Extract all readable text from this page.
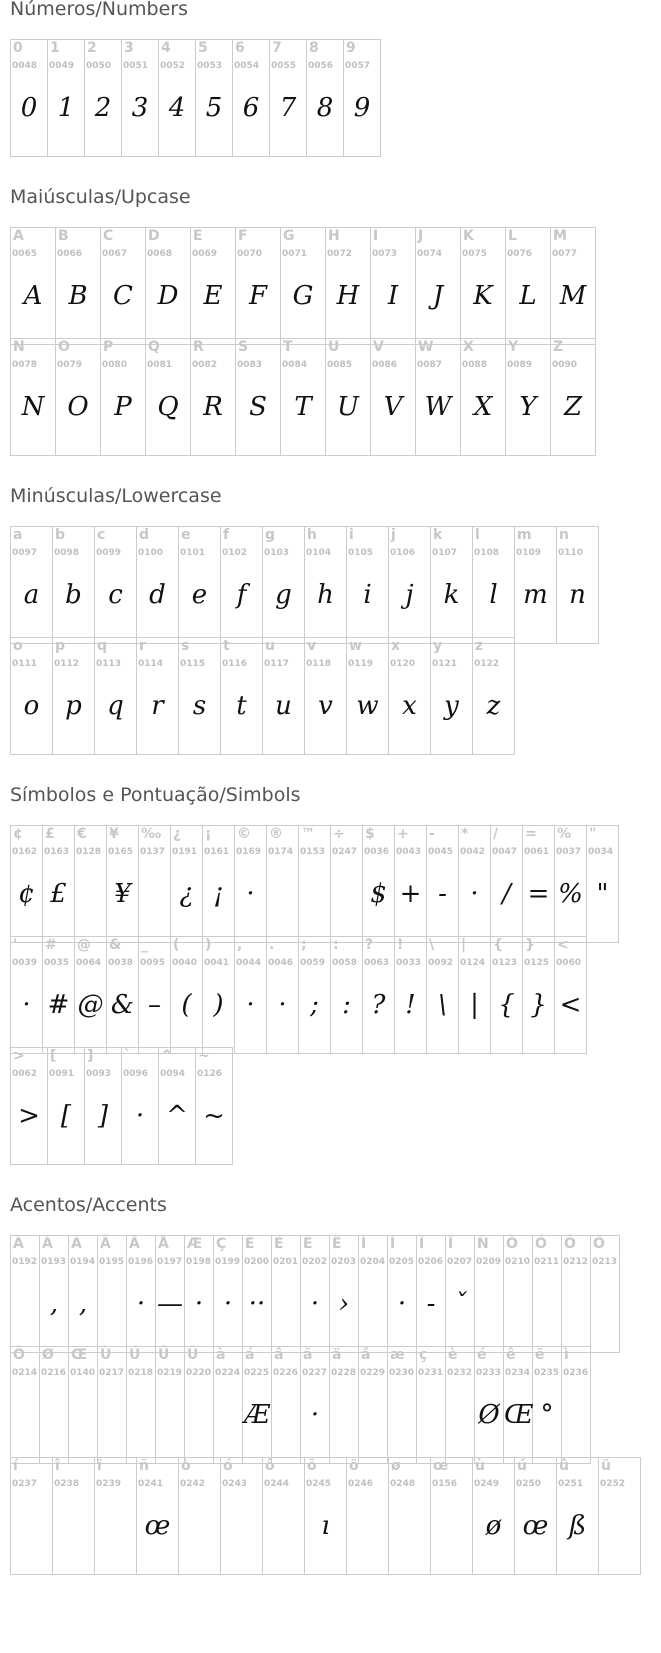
Números/Numbers
0
0048
0
1
0049
1
2
0050
2
3
0051
3
4
0052
4
5
0053
5
6
0054
6
7
0055
7
8
0056
8
9
0057
9
Maiúsculas/Upcase
A
0065
A
B
0066
B
C
0067
C
D
0068
D
E
0069
E
F
0070
F
G
0071
G
H
0072
H
I
0073
I
J
0074
J
K
0075
K
L
0076
L
M
0077
M
N
0078
N
O
0079
O
P
0080
P
Q
0081
Q
R
0082
R
S
0083
S
T
0084
T
U
0085
U
V
0086
V
W
0087
W
X
0088
X
Y
0089
Y
Z
0090
Z
Minúsculas/Lowercase
a
0097
a
b
0098
b
c
0099
c
d
0100
d
e
0101
e
f
0102
f
g
0103
g
h
0104
h
i
0105
i
j
0106
j
k
0107
k
l
0108
l
m
0109
m
n
0110
n
o
0111
o
p
0112
p
q
0113
q
r
0114
r
s
0115
s
t
0116
t
u
0117
u
v
0118
v
w
0119
w
x
0120
x
y
0121
y
z
0122
z
Símbolos e Pontuação/Simbols
¢
0162
¢
£
0163
£
€
0128
¥
0165
¥
‰
0137
¿
0191
¿
¡
0161
¡
©
0169
·
®
0174
™
0153
÷
0247
$
0036
$
+
0043
+
-
0045
-
*
0042
·
/
0047
/
=
0061
=
%
0037
%
"
0034
"
'
0039
·
#
0035
#
@
0064
@
&
0038
&
_
0095
–
(
0040
(
)
0041
)
,
0044
·
.
0046
·
;
0059
;
:
0058
:
?
0063
?
!
0033
!
\
0092
\
|
0124
|
{
0123
{
}
0125
}
<
0060
<
>
0062
>
[
0091
[
]
0093
]
`
0096
·
^
0094
^
~
0126
~
Acentos/Accents
À
0192
Á
0193
,
Â
0194
,
Ã
0195
Ä
0196
·
Å
0197
—
Æ
0198
·
Ç
0199
·
È
0200
··
É
0201
Ê
0202
·
Ë
0203
›
Ì
0204
Í
0205
·
Î
0206
-
Ï
0207
ˇ
Ñ
0209
Ò
0210
Ó
0211
Ô
0212
Õ
0213
Ö
0214
Ø
0216
Œ
0140
Ù
0217
Ú
0218
Û
0219
Ü
0220
à
0224
á
0225
Æ
â
0226
ã
0227
·
ä
0228
å
0229
æ
0230
ç
0231
è
0232
é
0233
Ø
ê
0234
Œ
ë
0235
°
ì
0236
í
0237
î
0238
ï
0239
ñ
0241
œ
ò
0242
ó
0243
ô
0244
õ
0245
ı
ö
0246
ø
0248
œ
0156
ù
0249
ø
ú
0250
œ
û
0251
ß
ü
0252
